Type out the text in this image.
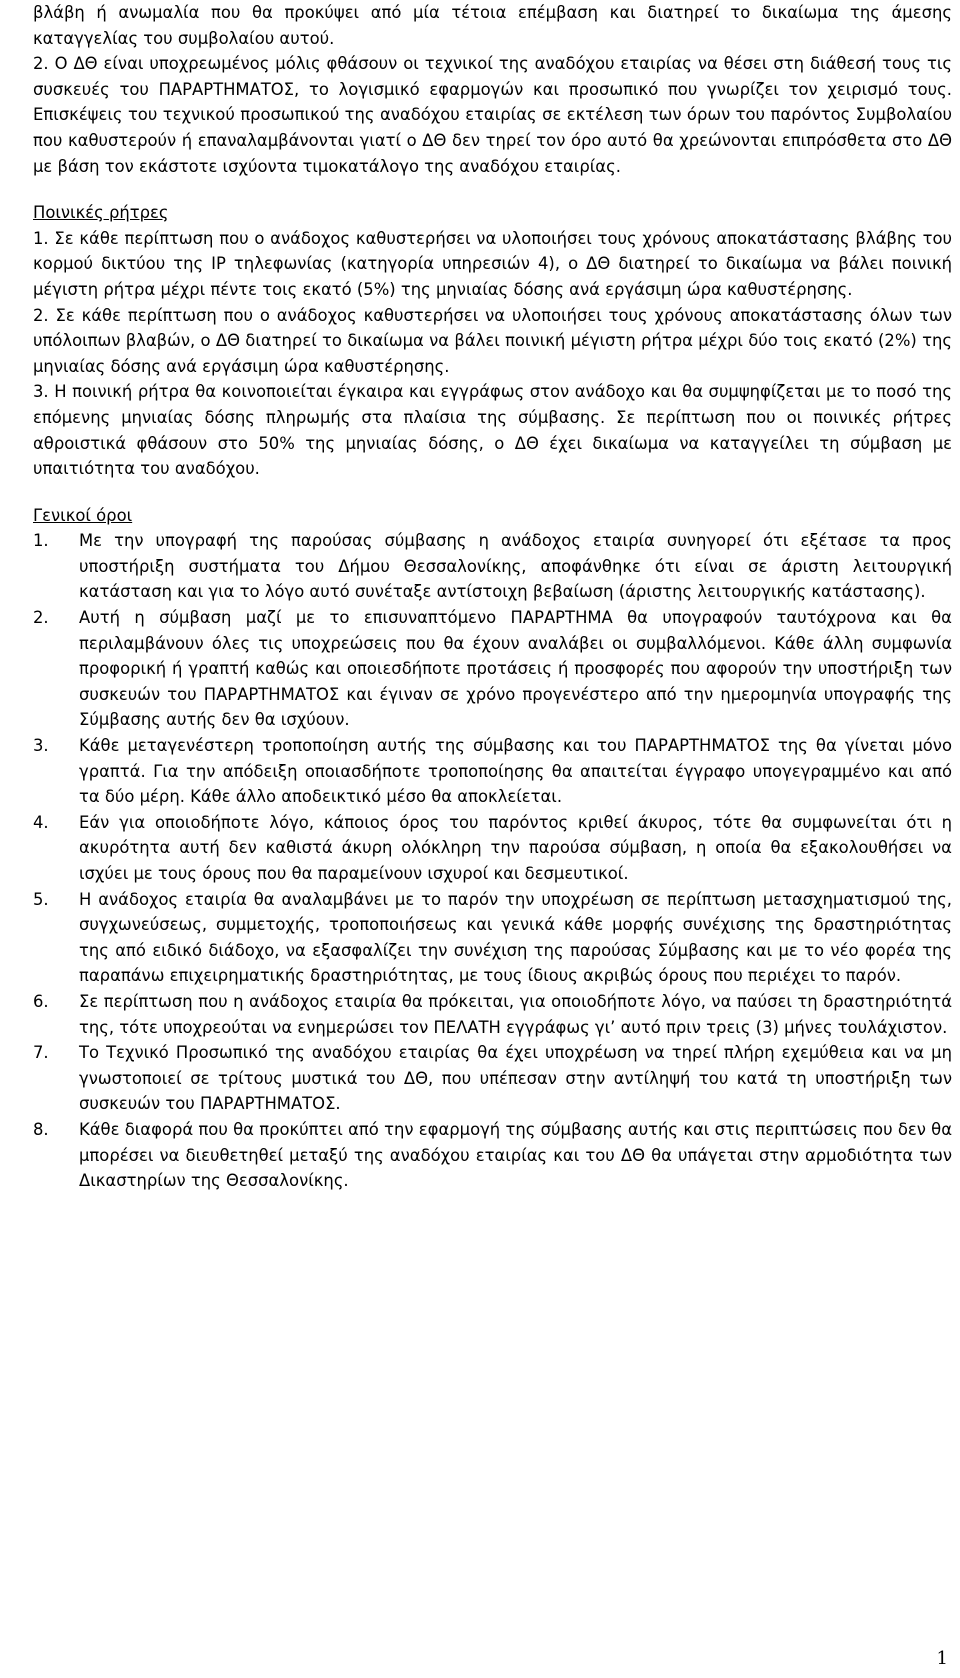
βλάβη ή ανωμαλία που θα προκύψει από μία τέτοια επέμβαση και διατηρεί το δικαίωμα της άμεσης καταγγελίας του συμβολαίου αυτού.

2. Ο ΔΘ είναι υποχρεωμένος μόλις φθάσουν οι τεχνικοί της αναδόχου εταιρίας να θέσει στη διάθεσή τους τις συσκευές του ΠΑΡΑΡΤΗΜΑΤΟΣ, το λογισμικό εφαρμογών και προσωπικό που γνωρίζει τον χειρισμό τους. Επισκέψεις του τεχνικού προσωπικού της αναδόχου εταιρίας σε εκτέλεση των όρων του παρόντος Συμβολαίου που καθυστερούν ή επαναλαμβάνονται γιατί ο ΔΘ δεν τηρεί τον όρο αυτό θα χρεώνονται επιπρόσθετα στο ΔΘ με βάση τον εκάστοτε ισχύοντα τιμοκατάλογο της αναδόχου εταιρίας.

Ποινικές ρήτρες

1. Σε κάθε περίπτωση που ο ανάδοχος καθυστερήσει να υλοποιήσει τους χρόνους αποκατάστασης βλάβης του κορμού δικτύου της IP τηλεφωνίας (κατηγορία υπηρεσιών 4), ο ΔΘ διατηρεί το δικαίωμα να βάλει ποινική μέγιστη ρήτρα μέχρι πέντε τοις εκατό (5%) της μηνιαίας δόσης ανά εργάσιμη ώρα καθυστέρησης.

2. Σε κάθε περίπτωση που ο ανάδοχος καθυστερήσει να υλοποιήσει τους χρόνους αποκατάστασης όλων των υπόλοιπων βλαβών, ο ΔΘ διατηρεί το δικαίωμα να βάλει ποινική μέγιστη ρήτρα μέχρι δύο τοις εκατό (2%) της μηνιαίας δόσης ανά εργάσιμη ώρα καθυστέρησης.

3. Η ποινική ρήτρα θα κοινοποιείται έγκαιρα και εγγράφως στον ανάδοχο και θα συμψηφίζεται με το ποσό της επόμενης μηνιαίας δόσης πληρωμής στα πλαίσια της σύμβασης. Σε περίπτωση που οι ποινικές ρήτρες αθροιστικά φθάσουν στο 50% της μηνιαίας δόσης, ο ΔΘ έχει δικαίωμα να καταγγείλει τη σύμβαση με υπαιτιότητα του αναδόχου.

Γενικοί όροι

1.	Με την υπογραφή της παρούσας σύμβασης η ανάδοχος εταιρία συνηγορεί ότι εξέτασε τα προς υποστήριξη συστήματα του Δήμου Θεσσαλονίκης, αποφάνθηκε ότι είναι σε άριστη λειτουργική κατάσταση και για το λόγο αυτό συνέταξε αντίστοιχη βεβαίωση (άριστης λειτουργικής κατάστασης).
2.	Αυτή η σύμβαση μαζί με το επισυναπτόμενο ΠΑΡΑΡΤΗΜΑ θα υπογραφούν ταυτόχρονα και θα περιλαμβάνουν όλες τις υποχρεώσεις που θα έχουν αναλάβει οι συμβαλλόμενοι. Κάθε άλλη συμφωνία προφορική ή γραπτή καθώς και οποιεσδήποτε προτάσεις ή προσφορές που αφορούν την υποστήριξη των συσκευών του ΠΑΡΑΡΤΗΜΑΤΟΣ και έγιναν σε χρόνο προγενέστερο από την ημερομηνία υπογραφής της Σύμβασης αυτής δεν θα ισχύουν.
3.	Κάθε μεταγενέστερη τροποποίηση αυτής της σύμβασης και του ΠΑΡΑΡΤΗΜΑΤΟΣ της θα γίνεται μόνο γραπτά. Για την απόδειξη οποιασδήποτε τροποποίησης θα απαιτείται έγγραφο υπογεγραμμένο και από τα δύο μέρη. Κάθε άλλο αποδεικτικό μέσο θα αποκλείεται.
4.	Εάν για οποιοδήποτε λόγο, κάποιος όρος του παρόντος κριθεί άκυρος, τότε θα συμφωνείται ότι η ακυρότητα αυτή δεν καθιστά άκυρη ολόκληρη την παρούσα σύμβαση, η οποία θα εξακολουθήσει να ισχύει με τους όρους που θα παραμείνουν ισχυροί και δεσμευτικοί.
5.	Η ανάδοχος εταιρία θα αναλαμβάνει με το παρόν την υποχρέωση σε περίπτωση μετασχηματισμού της, συγχωνεύσεως, συμμετοχής, τροποποιήσεως και γενικά κάθε μορφής συνέχισης της δραστηριότητας της από ειδικό διάδοχο, να εξασφαλίζει την συνέχιση της παρούσας Σύμβασης και με το νέο φορέα της παραπάνω επιχειρηματικής δραστηριότητας, με τους ίδιους ακριβώς όρους που περιέχει το παρόν.
6.	Σε περίπτωση που η ανάδοχος εταιρία θα πρόκειται, για οποιοδήποτε λόγο, να παύσει τη δραστηριότητά της, τότε υποχρεούται να ενημερώσει τον ΠΕΛΑΤΗ εγγράφως γι’ αυτό πριν τρεις (3) μήνες τουλάχιστον.
7.	Το Τεχνικό Προσωπικό της αναδόχου εταιρίας θα έχει υποχρέωση να τηρεί πλήρη εχεμύθεια και να μη γνωστοποιεί σε τρίτους μυστικά του ΔΘ, που υπέπεσαν στην αντίληψή του κατά τη υποστήριξη των συσκευών του ΠΑΡΑΡΤΗΜΑΤΟΣ.
8.	Κάθε διαφορά που θα προκύπτει από την εφαρμογή της σύμβασης αυτής και στις περιπτώσεις που δεν θα μπορέσει να διευθετηθεί μεταξύ της αναδόχου εταιρίας και του ΔΘ θα υπάγεται στην αρμοδιότητα των Δικαστηρίων της Θεσσαλονίκης.
1
